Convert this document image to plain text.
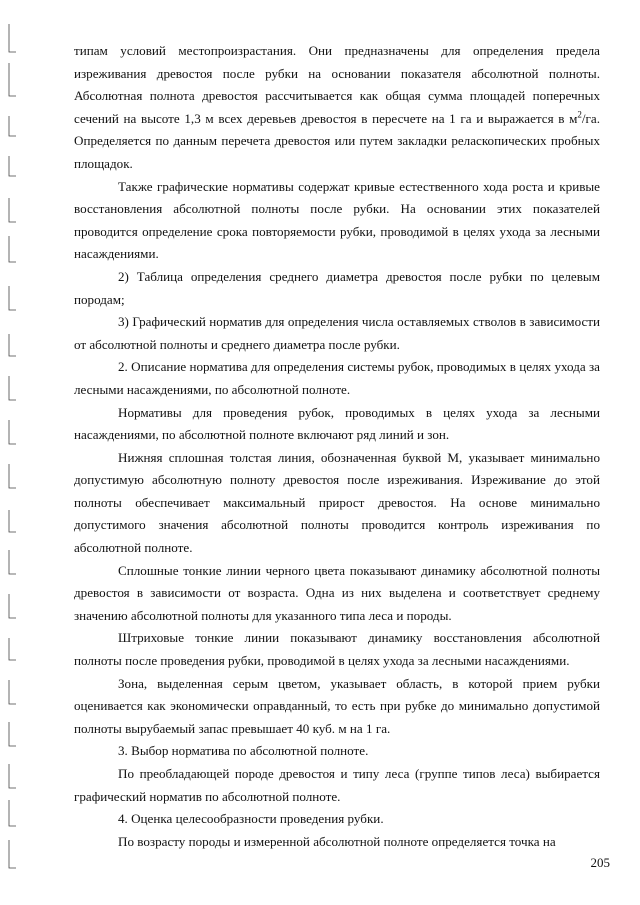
типам условий местопроизрастания. Они предназначены для определения предела изреживания древостоя после рубки на основании показателя абсолютной полноты. Абсолютная полнота древостоя рассчитывается как общая сумма площадей поперечных сечений на высоте 1,3 м всех деревьев древостоя в пересчете на 1 га и выражается в $м^2/га$. Определяется по данным перечета древостоя или путем закладки реласкопических пробных площадок.

Также графические нормативы содержат кривые естественного хода роста и кривые восстановления абсолютной полноты после рубки. На основании этих показателей проводится определение срока повторяемости рубки, проводимой в целях ухода за лесными насаждениями.

2) Таблица определения среднего диаметра древостоя после рубки по целевым породам;

3) Графический норматив для определения числа оставляемых стволов в зависимости от абсолютной полноты и среднего диаметра после рубки.

2. Описание норматива для определения системы рубок, проводимых в целях ухода за лесными насаждениями, по абсолютной полноте.

Нормативы для проведения рубок, проводимых в целях ухода за лесными насаждениями, по абсолютной полноте включают ряд линий и зон.

Нижняя сплошная толстая линия, обозначенная буквой М, указывает минимально допустимую абсолютную полноту древостоя после изреживания. Изреживание до этой полноты обеспечивает максимальный прирост древостоя. На основе минимально допустимого значения абсолютной полноты проводится контроль изреживания по абсолютной полноте.

Сплошные тонкие линии черного цвета показывают динамику абсолютной полноты древостоя в зависимости от возраста. Одна из них выделена и соответствует среднему значению абсолютной полноты для указанного типа леса и породы.

Штриховые тонкие линии показывают динамику восстановления абсолютной полноты после проведения рубки, проводимой в целях ухода за лесными насаждениями.

Зона, выделенная серым цветом, указывает область, в которой прием рубки оценивается как экономически оправданный, то есть при рубке до минимально допустимой полноты вырубаемый запас превышает 40 куб. м на 1 га.

3. Выбор норматива по абсолютной полноте.

По преобладающей породе древостоя и типу леса (группе типов леса) выбирается графический норматив по абсолютной полноте.

4. Оценка целесообразности проведения рубки.

По возрасту породы и измеренной абсолютной полноте определяется точка на

205
